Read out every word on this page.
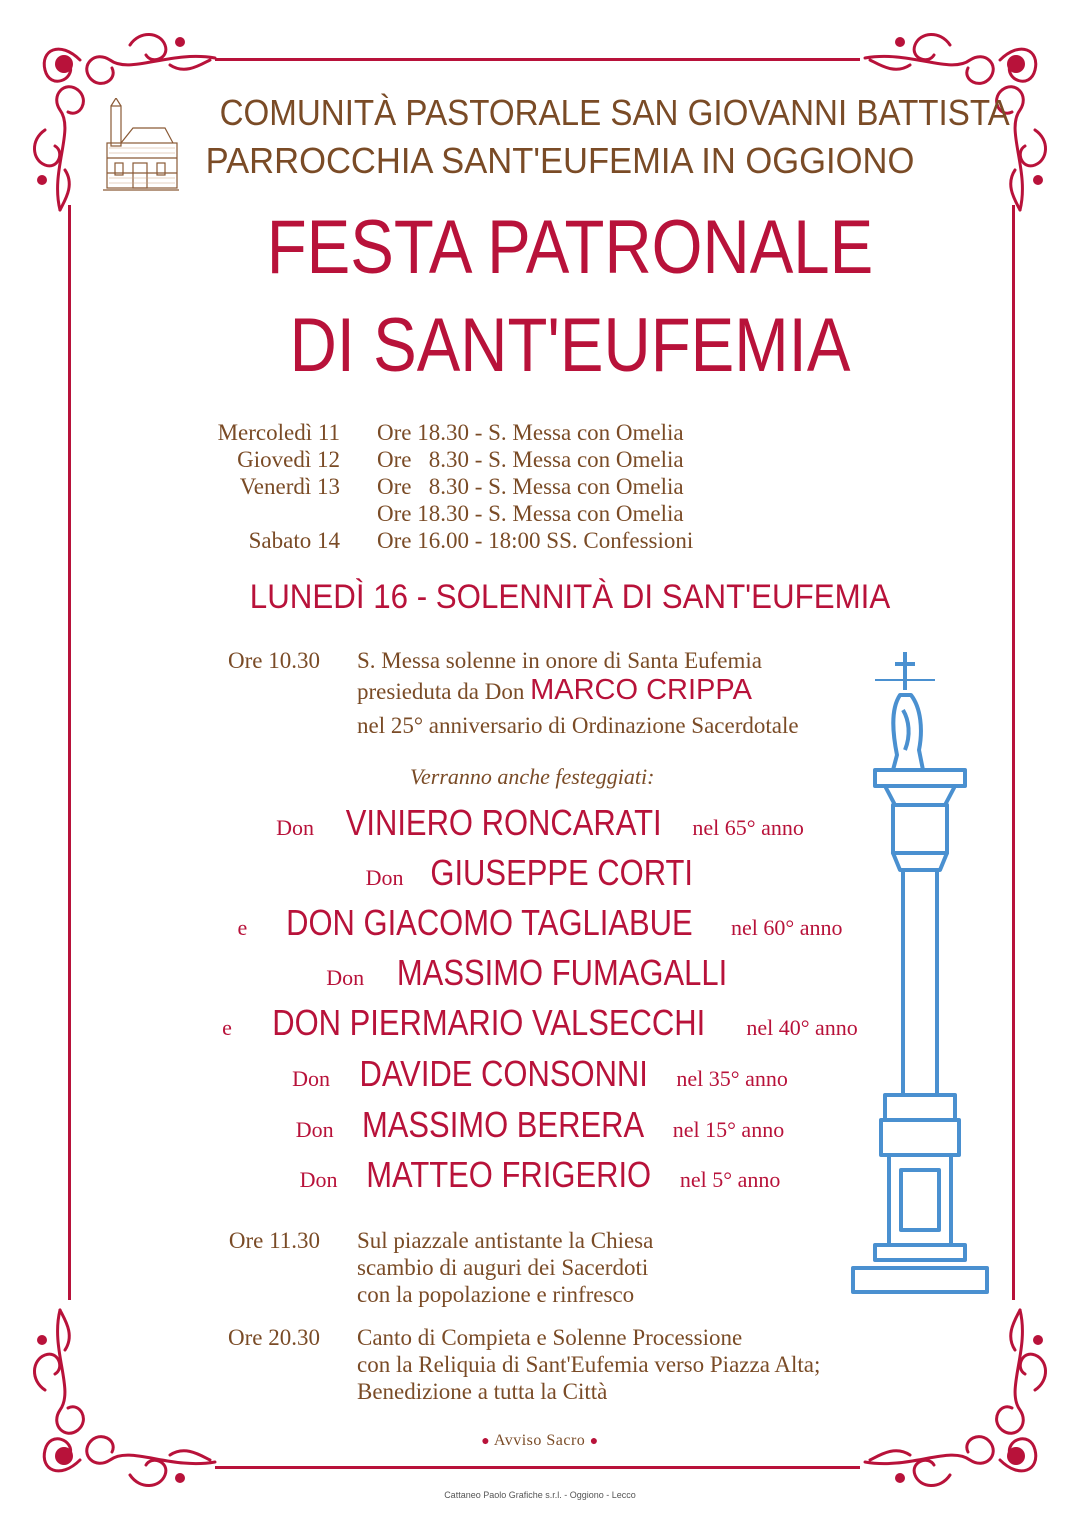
COMUNITÀ PASTORALE SAN GIOVANNI BATTISTA
PARROCCHIA SANT'EUFEMIA IN OGGIONO
FESTA PATRONALE
DI SANT'EUFEMIA
Mercoledì 11 Ore 18.30 - S. Messa con Omelia
Giovedì 12 Ore   8.30 - S. Messa con Omelia
Venerdì 13 Ore   8.30 - S. Messa con Omelia
Ore 18.30 - S. Messa con Omelia
Sabato 14 Ore 16.00 - 18:00 SS. Confessioni
LUNEDÌ 16 - SOLENNITÀ DI SANT'EUFEMIA
Ore 10.30 S. Messa solenne in onore di Santa Eufemia
presieduta da Don MARCO CRIPPA
nel 25° anniversario di Ordinazione Sacerdotale
Verranno anche festeggiati:
Don VINIERO RONCARATI nel 65° anno
Don GIUSEPPE CORTI
e DON GIACOMO TAGLIABUE nel 60° anno
Don MASSIMO FUMAGALLI
e DON PIERMARIO VALSECCHI nel 40° anno
Don DAVIDE CONSONNI nel 35° anno
Don MASSIMO BERERA nel 15° anno
Don MATTEO FRIGERIO nel 5° anno
Ore 11.30 Sul piazzale antistante la Chiesa
scambio di auguri dei Sacerdoti
con la popolazione e rinfresco
Ore 20.30 Canto di Compieta e Solenne Processione
con la Reliquia di Sant'Eufemia verso Piazza Alta;
Benedizione a tutta la Città
● Avviso Sacro ●
Cattaneo Paolo Grafiche s.r.l. - Oggiono - Lecco
